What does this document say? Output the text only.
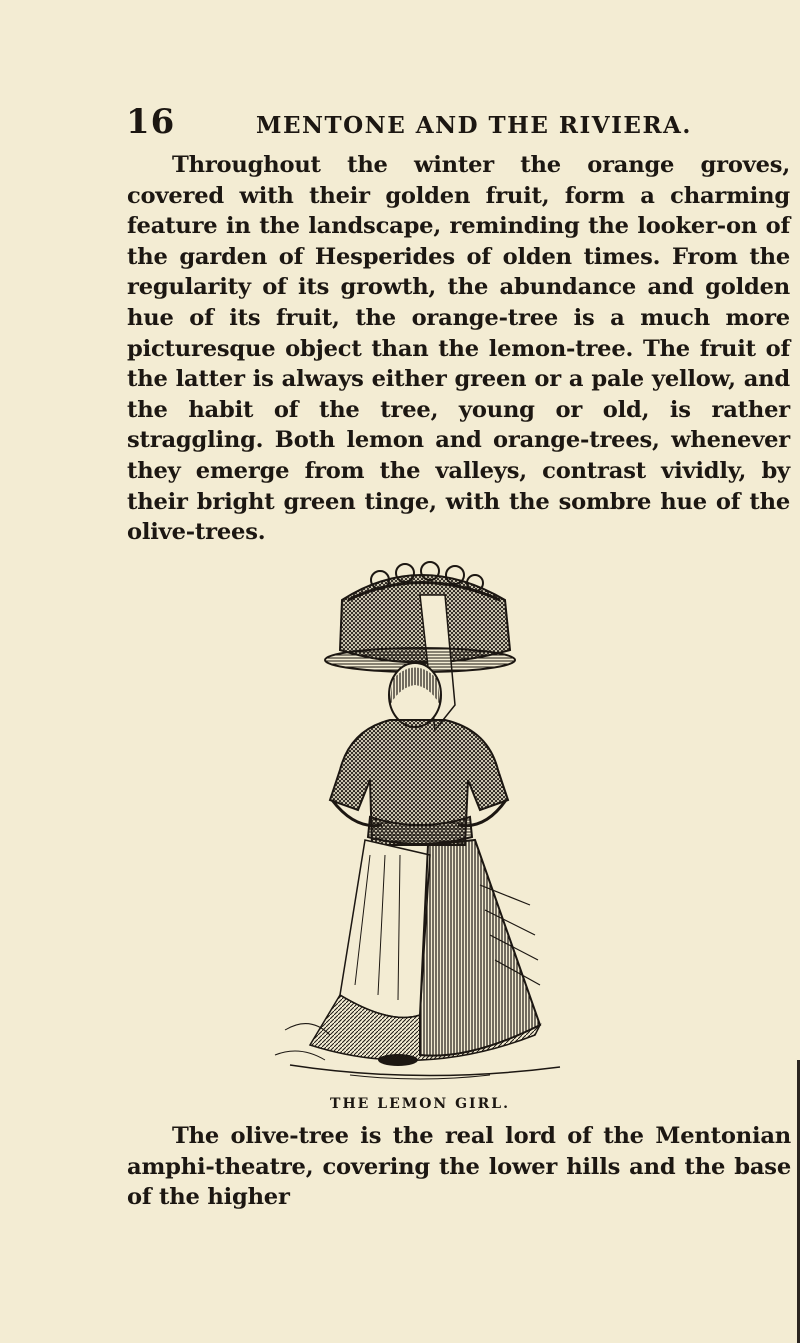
16	MENTONE AND THE RIVIERA.

Throughout the winter the orange groves, covered with their golden fruit, form a charming feature in the landscape, reminding the looker-on of the garden of Hesperides of olden times. From the regularity of its growth, the abundance and golden hue of its fruit, the orange-tree is a much more picturesque object than the lemon-tree. The fruit of the latter is always either green or a pale yellow, and the habit of the tree, young or old, is rather straggling. Both lemon and orange-trees, whenever they emerge from the valleys, contrast vividly, by their bright green tinge, with the sombre hue of the olive-trees.

THE LEMON GIRL.

The olive-tree is the real lord of the Mentonian amphi-theatre, covering the lower hills and the base of the higher
